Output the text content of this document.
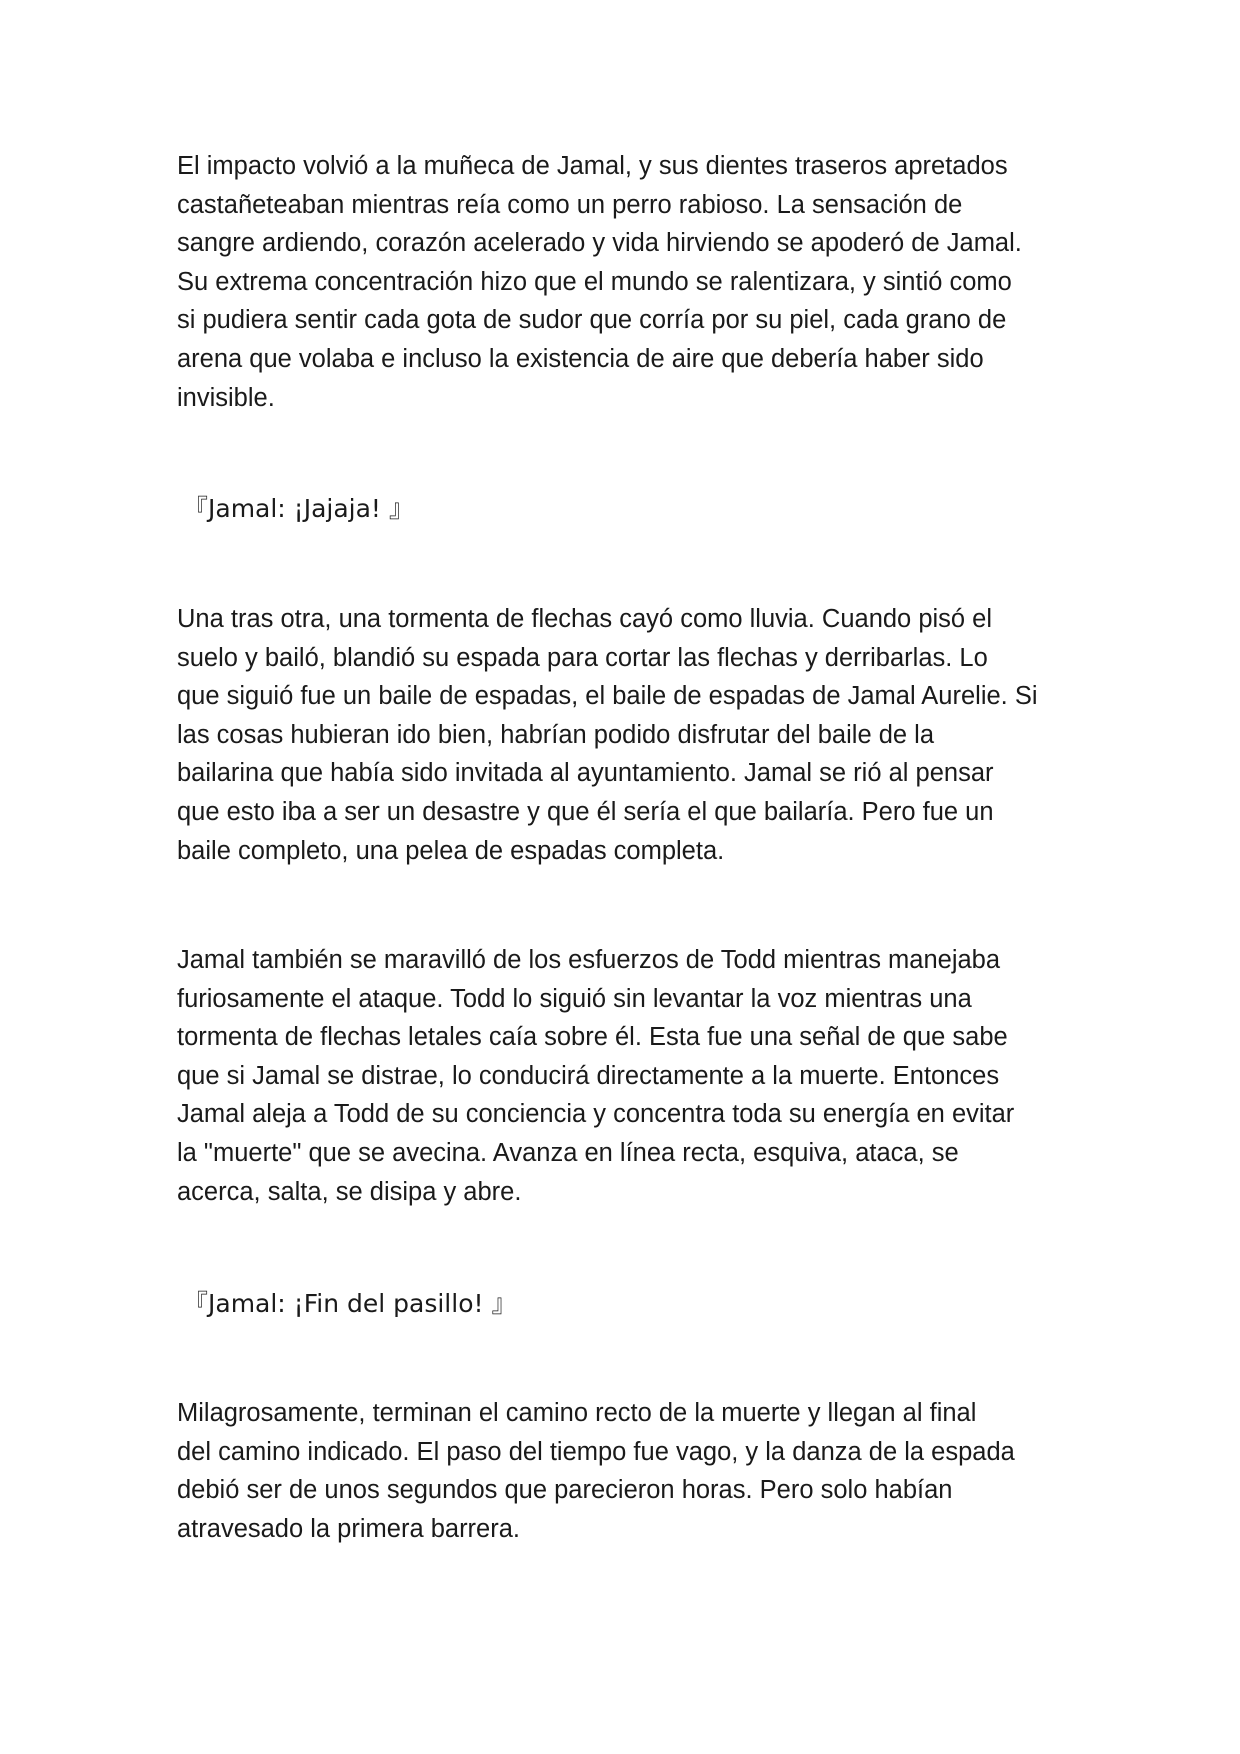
El impacto volvió a la muñeca de Jamal, y sus dientes traseros apretados
castañeteaban mientras reía como un perro rabioso. La sensación de
sangre ardiendo, corazón acelerado y vida hirviendo se apoderó de Jamal.
Su extrema concentración hizo que el mundo se ralentizara, y sintió como
si pudiera sentir cada gota de sudor que corría por su piel, cada grano de
arena que volaba e incluso la existencia de aire que debería haber sido
invisible.

『Jamal: ¡Jajaja! 』

Una tras otra, una tormenta de flechas cayó como lluvia. Cuando pisó el
suelo y bailó, blandió su espada para cortar las flechas y derribarlas. Lo
que siguió fue un baile de espadas, el baile de espadas de Jamal Aurelie. Si
las cosas hubieran ido bien, habrían podido disfrutar del baile de la
bailarina que había sido invitada al ayuntamiento. Jamal se rió al pensar
que esto iba a ser un desastre y que él sería el que bailaría. Pero fue un
baile completo, una pelea de espadas completa.

Jamal también se maravilló de los esfuerzos de Todd mientras manejaba
furiosamente el ataque. Todd lo siguió sin levantar la voz mientras una
tormenta de flechas letales caía sobre él. Esta fue una señal de que sabe
que si Jamal se distrae, lo conducirá directamente a la muerte. Entonces
Jamal aleja a Todd de su conciencia y concentra toda su energía en evitar
la "muerte" que se avecina. Avanza en línea recta, esquiva, ataca, se
acerca, salta, se disipa y abre.

『Jamal: ¡Fin del pasillo! 』

Milagrosamente, terminan el camino recto de la muerte y llegan al final
del camino indicado. El paso del tiempo fue vago, y la danza de la espada
debió ser de unos segundos que parecieron horas. Pero solo habían
atravesado la primera barrera.
